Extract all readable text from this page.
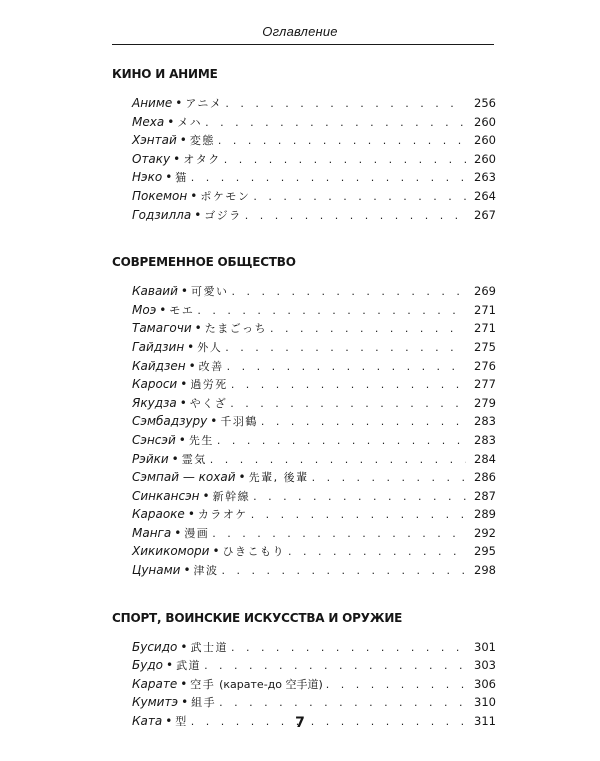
Оглавление
КИНО И АНИМЕ
Аниме • アニメ . . .	256
Меха • メハ . . .	260
Хэнтай • 変態 . . .	260
Отаку • オタク . . .	260
Нэко • 猫 . . .	263
Покемон • ポケモン . . .	264
Годзилла • ゴジラ . . .	267
СОВРЕМЕННОЕ ОБЩЕСТВО
Каваий • 可愛い . . .	269
Моэ • モエ . . .	271
Тамагочи • たまごっち . . .	271
Гайдзин • 外人 . . .	275
Кайдзен • 改善 . . .	276
Кароси • 過労死 . . .	277
Якудза • やくざ . . .	279
Сэмбадзуру • 千羽鶴 . . .	283
Сэнсэй • 先生 . . .	283
Рэйки • 霊気 . . .	284
Сэмпай — кохай • 先輩, 後輩 . . .	286
Синкансэн • 新幹線 . . .	287
Караоке • カラオケ . . .	289
Манга • 漫画 . . .	292
Хикикомори • ひきこもり . . .	295
Цунами • 津波 . . .	298
СПОРТ, ВОИНСКИЕ ИСКУССТВА И ОРУЖИЕ
Бусидо • 武士道 . . .	301
Будо • 武道 . . .	303
Карате • 空手 (карате-до 空手道) . . .	306
Кумитэ • 組手 . . .	310
Ката • 型 . . .	311
7
